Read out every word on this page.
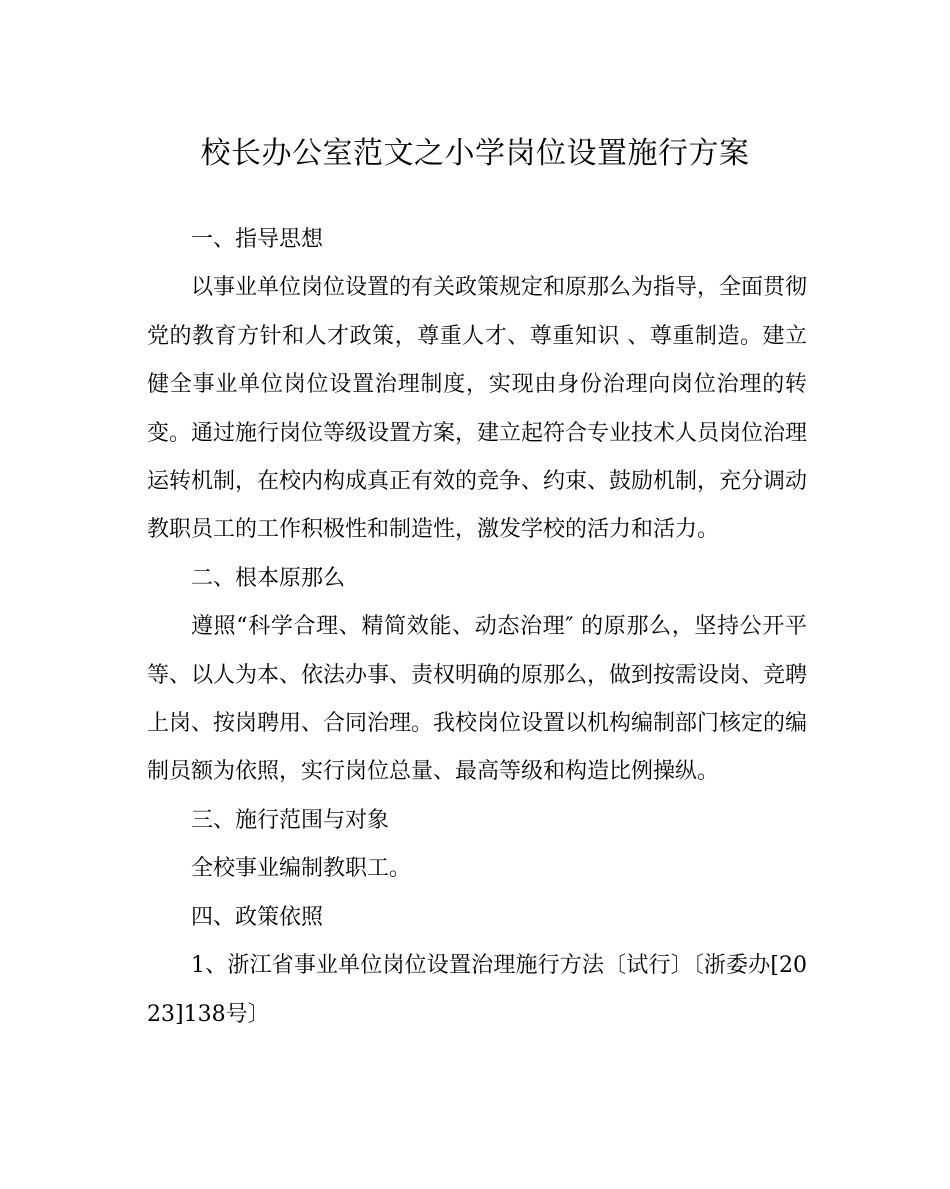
校长办公室范文之小学岗位设置施行方案

一、指导思想

以事业单位岗位设置的有关政策规定和原那么为指导，全面贯彻党的教育方针和人才政策，尊重人才、尊重知识 、尊重制造。建立健全事业单位岗位设置治理制度，实现由身份治理向岗位治理的转变。通过施行岗位等级设置方案，建立起符合专业技术人员岗位治理运转机制，在校内构成真正有效的竞争、约束、鼓励机制，充分调动教职员工的工作积极性和制造性，激发学校的活力和活力。

二、根本原那么

遵照“科学合理、精简效能、动态治理″ 的原那么，坚持公开平等、以人为本、依法办事、责权明确的原那么，做到按需设岗、竞聘上岗、按岗聘用、合同治理。我校岗位设置以机构编制部门核定的编制员额为依照，实行岗位总量、最高等级和构造比例操纵。

三、施行范围与对象

全校事业编制教职工。

四、政策依照

1、浙江省事业单位岗位设置治理施行方法〔试行〕〔浙委办[2023]138号〕
